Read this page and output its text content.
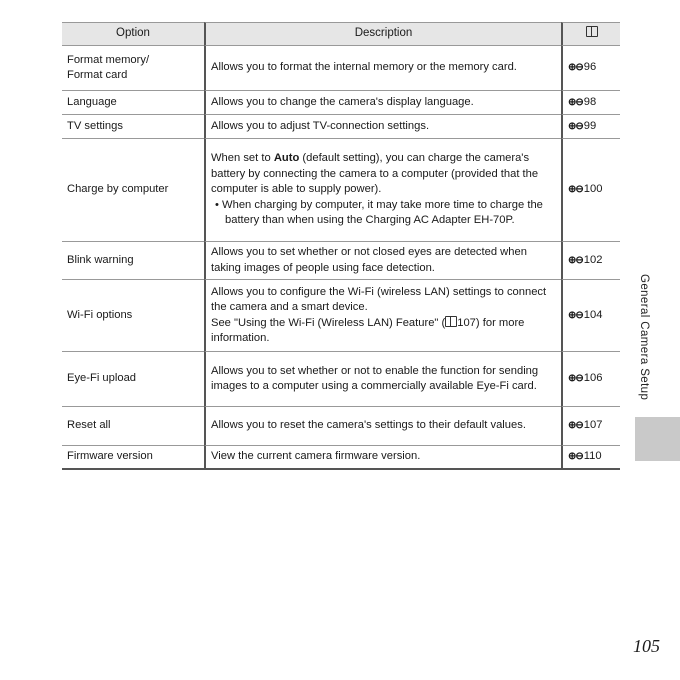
Option	Description	
Format memory/
Format card	Allows you to format the internal memory or the memory card.	⊕⊖96
Language	Allows you to change the camera's display language.	⊕⊖98
TV settings	Allows you to adjust TV-connection settings.	⊕⊖99
Charge by computer	When set to Auto (default setting), you can charge the camera's battery by connecting the camera to a computer (provided that the computer is able to supply power).

• When charging by computer, it may take more time to charge the battery than when using the Charging AC Adapter EH-70P.	⊕⊖100
Blink warning	Allows you to set whether or not closed eyes are detected when taking images of people using face detection.	⊕⊖102
Wi-Fi options	Allows you to configure the Wi-Fi (wireless LAN) settings to connect the camera and a smart device.

See "Using the Wi-Fi (Wireless LAN) Feature" ( 107) for more information.	⊕⊖104
Eye-Fi upload	Allows you to set whether or not to enable the function for sending images to a computer using a commercially available Eye-Fi card.	⊕⊖106
Reset all	Allows you to reset the camera's settings to their default values.	⊕⊖107
Firmware version	View the current camera firmware version.	⊕⊖110
General Camera Setup
105
